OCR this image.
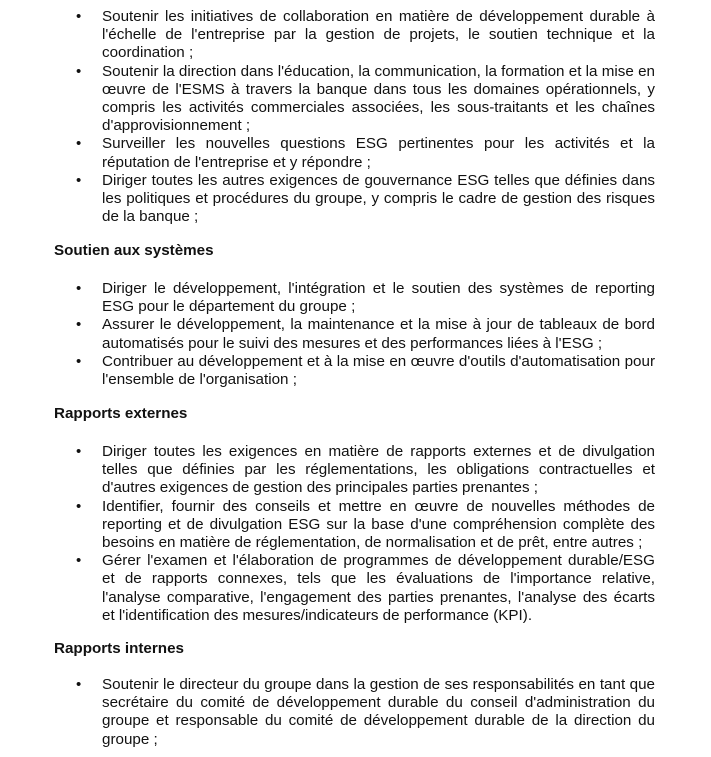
• Soutenir les initiatives de collaboration en matière de développement durable à l'échelle de l'entreprise par la gestion de projets, le soutien technique et la coordination ;
• Soutenir la direction dans l'éducation, la communication, la formation et la mise en œuvre de l'ESMS à travers la banque dans tous les domaines opérationnels, y compris les activités commerciales associées, les sous-traitants et les chaînes d'approvisionnement ;
• Surveiller les nouvelles questions ESG pertinentes pour les activités et la réputation de l'entreprise et y répondre ;
• Diriger toutes les autres exigences de gouvernance ESG telles que définies dans les politiques et procédures du groupe, y compris le cadre de gestion des risques de la banque ;
Soutien aux systèmes
• Diriger le développement, l'intégration et le soutien des systèmes de reporting ESG pour le département du groupe ;
• Assurer le développement, la maintenance et la mise à jour de tableaux de bord automatisés pour le suivi des mesures et des performances liées à l'ESG ;
• Contribuer au développement et à la mise en œuvre d'outils d'automatisation pour l'ensemble de l'organisation ;
Rapports externes
• Diriger toutes les exigences en matière de rapports externes et de divulgation telles que définies par les réglementations, les obligations contractuelles et d'autres exigences de gestion des principales parties prenantes ;
• Identifier, fournir des conseils et mettre en œuvre de nouvelles méthodes de reporting et de divulgation ESG sur la base d'une compréhension complète des besoins en matière de réglementation, de normalisation et de prêt, entre autres ;
• Gérer l'examen et l'élaboration de programmes de développement durable/ESG et de rapports connexes, tels que les évaluations de l'importance relative, l'analyse comparative, l'engagement des parties prenantes, l'analyse des écarts et l'identification des mesures/indicateurs de performance (KPI).
Rapports internes
• Soutenir le directeur du groupe dans la gestion de ses responsabilités en tant que secrétaire du comité de développement durable du conseil d'administration du groupe et responsable du comité de développement durable de la direction du groupe ;
